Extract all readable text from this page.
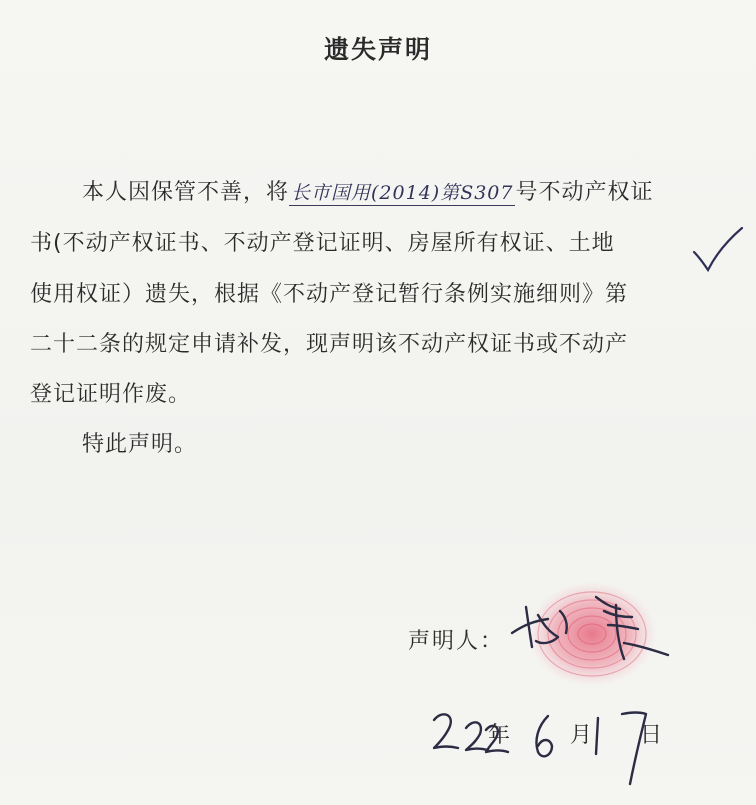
遗失声明
本人因保管不善，将 长市国用(2014)第S307号不动产权证
书(不动产权证书、不动产登记证明、房屋所有权证、土地
使用权证）遗失，根据《不动产登记暂行条例实施细则》第
二十二条的规定申请补发，现声明该不动产权证书或不动产
登记证明作废。
特此声明。
声明人：
年	月 日
